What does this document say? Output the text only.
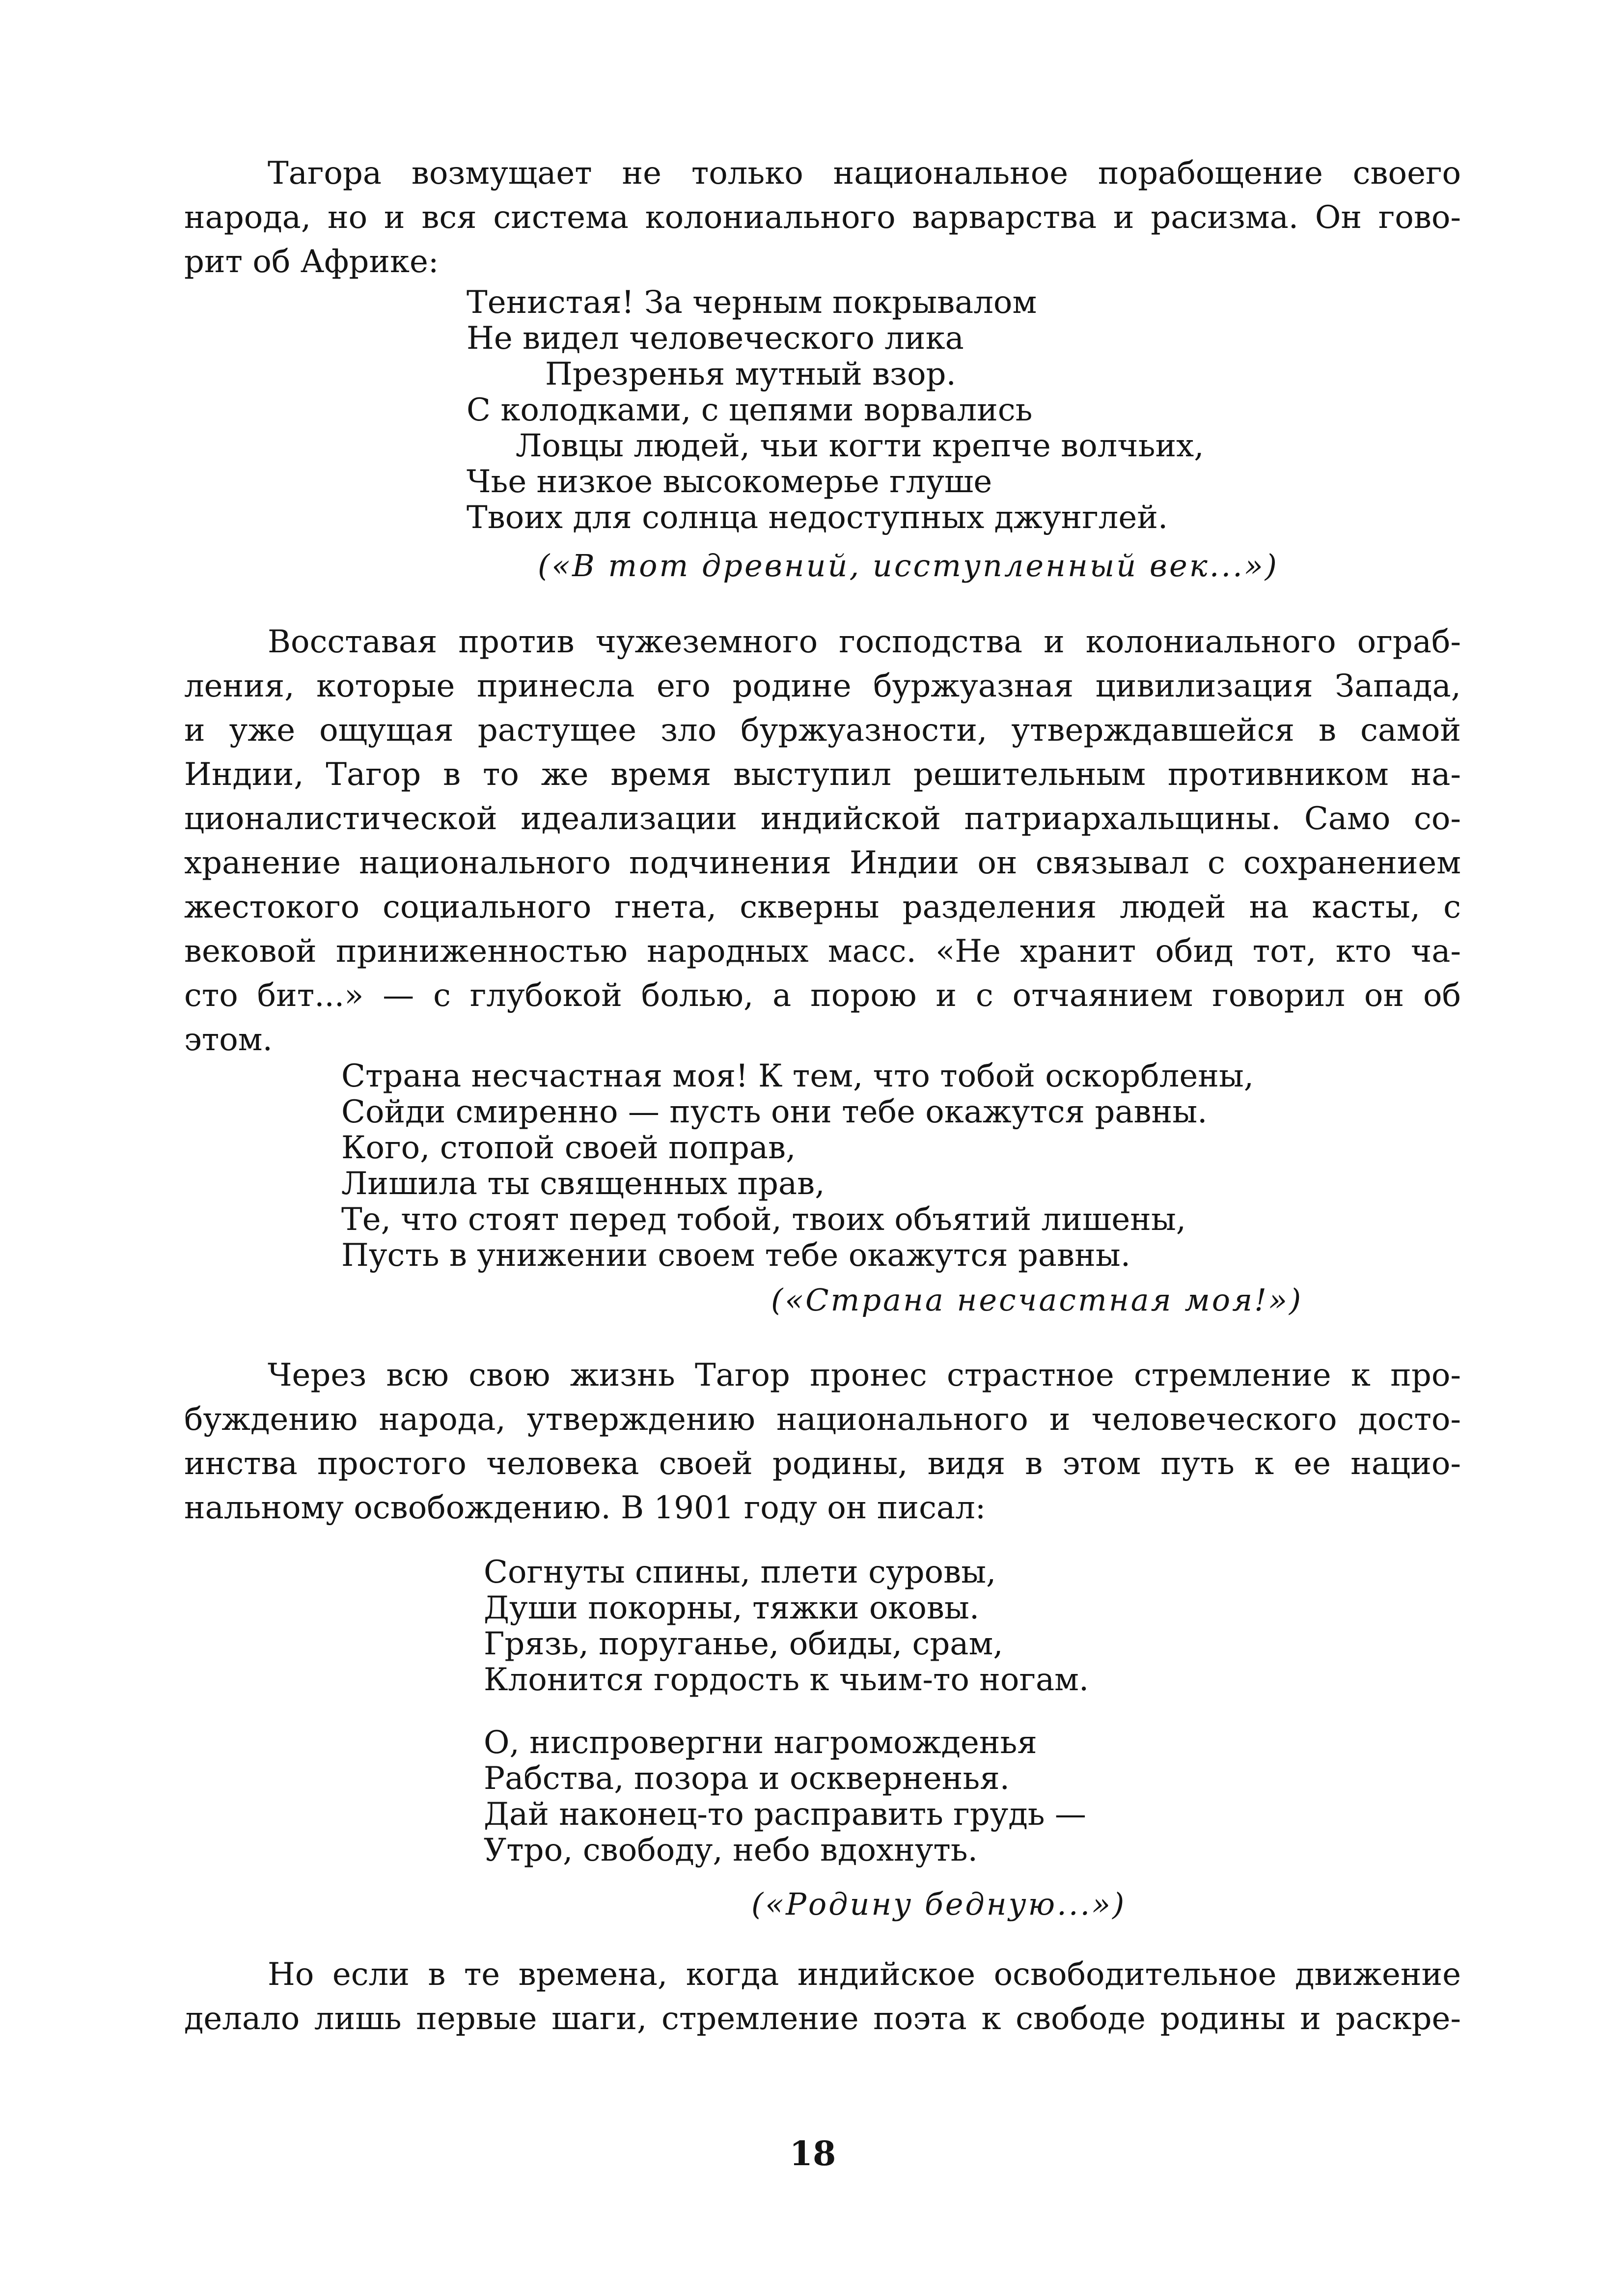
Тагора возмущает не только национальное порабощение своего
народа, но и вся система колониального варварства и расизма. Он гово-
рит об Африке:
Тенистая! За черным покрывалом
Не видел человеческого лика
Презренья мутный взор.
С колодками, с цепями ворвались
Ловцы людей, чьи когти крепче волчьих,
Чье низкое высокомерье глуше
Твоих для солнца недоступных джунглей.
(«В тот древний, исступленный век...»)
Восставая против чужеземного господства и колониального ограб-
ления, которые принесла его родине буржуазная цивилизация Запада,
и уже ощущая растущее зло буржуазности, утверждавшейся в самой
Индии, Тагор в то же время выступил решительным противником на-
ционалистической идеализации индийской патриархальщины. Само со-
хранение национального подчинения Индии он связывал с сохранением
жестокого социального гнета, скверны разделения людей на касты, с
вековой приниженностью народных масс. «Не хранит обид тот, кто ча-
сто бит...» — с глубокой болью, а порою и с отчаянием говорил он об
этом.
Страна несчастная моя! К тем, что тобой оскорблены,
Сойди смиренно — пусть они тебе окажутся равны.
Кого, стопой своей поправ,
Лишила ты священных прав,
Те, что стоят перед тобой, твоих объятий лишены,
Пусть в унижении своем тебе окажутся равны.
(«Страна несчастная моя!»)
Через всю свою жизнь Тагор пронес страстное стремление к про-
буждению народа, утверждению национального и человеческого досто-
инства простого человека своей родины, видя в этом путь к ее нацио-
нальному освобождению. В 1901 году он писал:
Согнуты спины, плети суровы,
Души покорны, тяжки оковы.
Грязь, поруганье, обиды, срам,
Клонится гордость к чьим-то ногам.
О, ниспровергни нагроможденья
Рабства, позора и оскверненья.
Дай наконец-то расправить грудь —
Утро, свободу, небо вдохнуть.
(«Родину бедную...»)
Но если в те времена, когда индийское освободительное движение
делало лишь первые шаги, стремление поэта к свободе родины и раскре-
18
